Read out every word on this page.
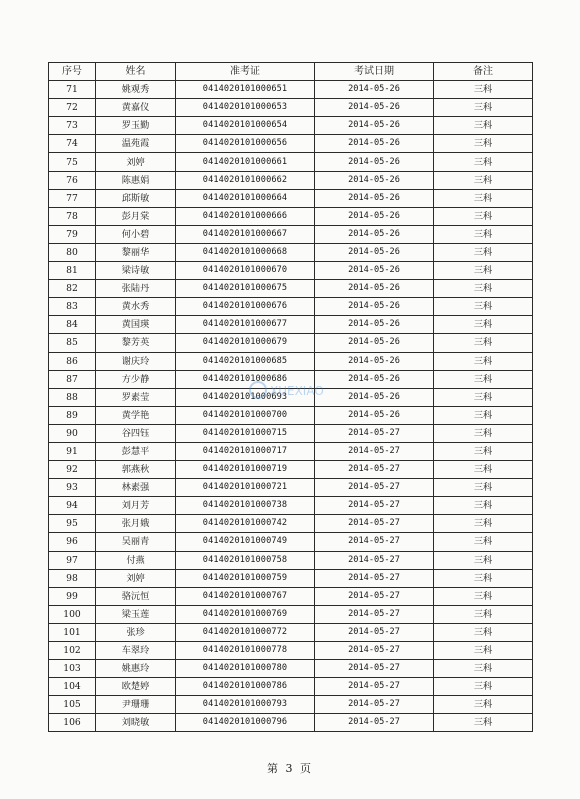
序号	姓名	准考证	考试日期	备注
71	姚观秀	0414020101000651	2014-05-26	三科
72	黄嘉仪	0414020101000653	2014-05-26	三科
73	罗玉勤	0414020101000654	2014-05-26	三科
74	温苑霞	0414020101000656	2014-05-26	三科
75	刘婷	0414020101000661	2014-05-26	三科
76	陈惠娟	0414020101000662	2014-05-26	三科
77	邱斯敏	0414020101000664	2014-05-26	三科
78	彭月棠	0414020101000666	2014-05-26	三科
79	何小碧	0414020101000667	2014-05-26	三科
80	黎丽华	0414020101000668	2014-05-26	三科
81	梁诗敏	0414020101000670	2014-05-26	三科
82	张陆丹	0414020101000675	2014-05-26	三科
83	黄水秀	0414020101000676	2014-05-26	三科
84	黄国瑛	0414020101000677	2014-05-26	三科
85	黎芳英	0414020101000679	2014-05-26	三科
86	谢庆玲	0414020101000685	2014-05-26	三科
87	方少静	0414020101000686	2014-05-26	三科
88	罗素莹	0414020101000693	2014-05-26	三科
89	黄学艳	0414020101000700	2014-05-26	三科
90	谷四钰	0414020101000715	2014-05-27	三科
91	彭慧平	0414020101000717	2014-05-27	三科
92	郭燕秋	0414020101000719	2014-05-27	三科
93	林素强	0414020101000721	2014-05-27	三科
94	刘月芳	0414020101000738	2014-05-27	三科
95	张月娥	0414020101000742	2014-05-27	三科
96	吴丽青	0414020101000749	2014-05-27	三科
97	付燕	0414020101000758	2014-05-27	三科
98	刘婷	0414020101000759	2014-05-27	三科
99	骆沅恒	0414020101000767	2014-05-27	三科
100	梁玉莲	0414020101000769	2014-05-27	三科
101	张珍	0414020101000772	2014-05-27	三科
102	车翠玲	0414020101000778	2014-05-27	三科
103	姚惠玲	0414020101000780	2014-05-27	三科
104	欧楚婷	0414020101000786	2014-05-27	三科
105	尹珊珊	0414020101000793	2014-05-27	三科
106	刘晓敏	0414020101000796	2014-05-27	三科
XUEXIAO
第 3 页
